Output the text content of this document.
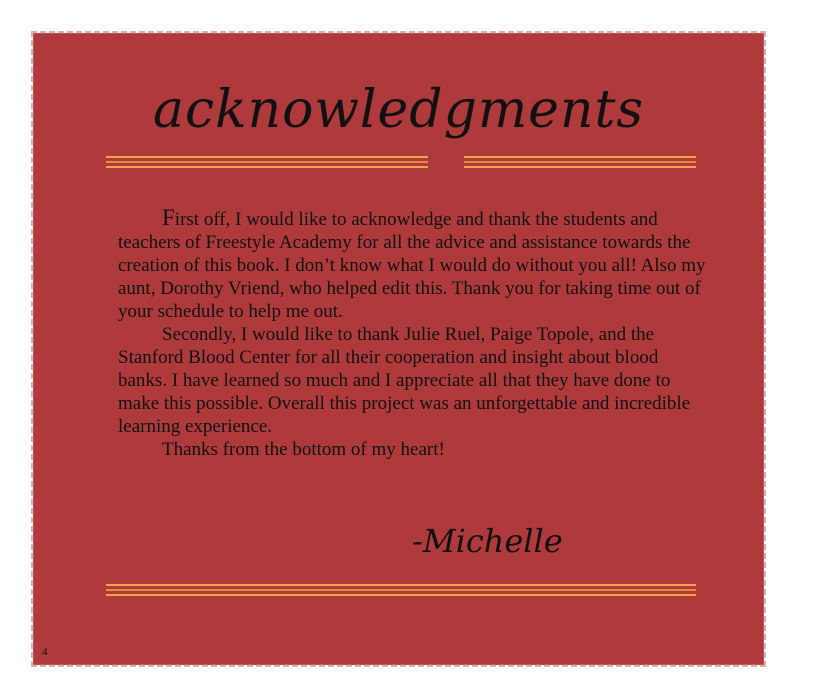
acknowledgments

First off, I would like to acknowledge and thank the students and teachers of Freestyle Academy for all the advice and assistance towards the creation of this book. I don’t know what I would do without you all! Also my aunt, Dorothy Vriend, who helped edit this. Thank you for taking time out of your schedule to help me out.

Secondly, I would like to thank Julie Ruel, Paige Topole, and the Stanford Blood Center for all their cooperation and insight about blood banks. I have learned so much and I appreciate all that they have done to make this possible. Overall this project was an unforgettable and incredible learning experience.

Thanks from the bottom of my heart!

-Michelle
4
